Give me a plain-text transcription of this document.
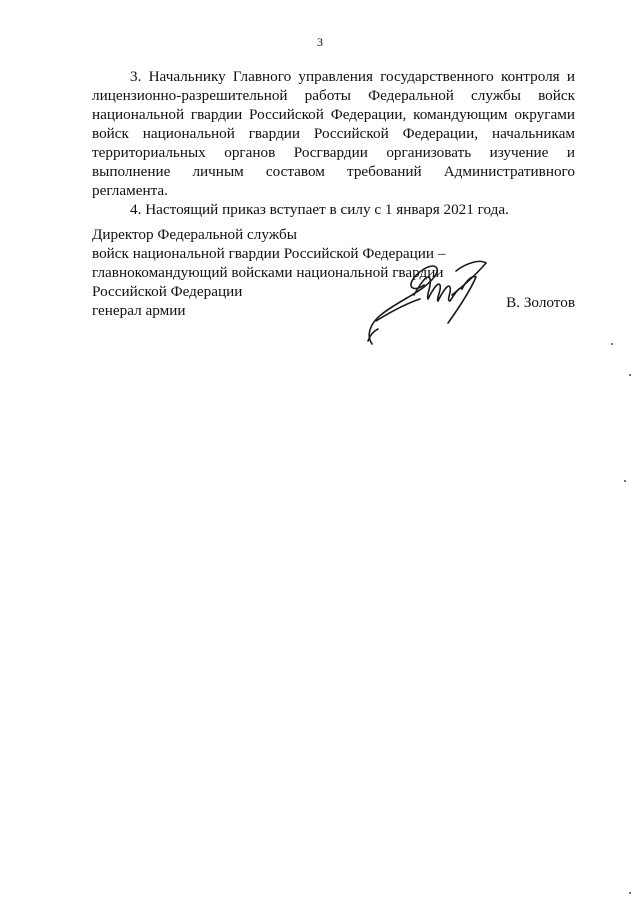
3

3. Начальнику Главного управления государственного контроля и лицензионно-разрешительной работы Федеральной службы войск национальной гвардии Российской Федерации, командующим округами войск национальной гвардии Российской Федерации, начальникам территориальных органов Росгвардии организовать изучение и выполнение личным составом требований Административного регламента.

4. Настоящий приказ вступает в силу с 1 января 2021 года.

Директор Федеральной службы
войск национальной гвардии Российской Федерации –
главнокомандующий войсками национальной гвардии
Российской Федерации
генерал армии	В. Золотов
